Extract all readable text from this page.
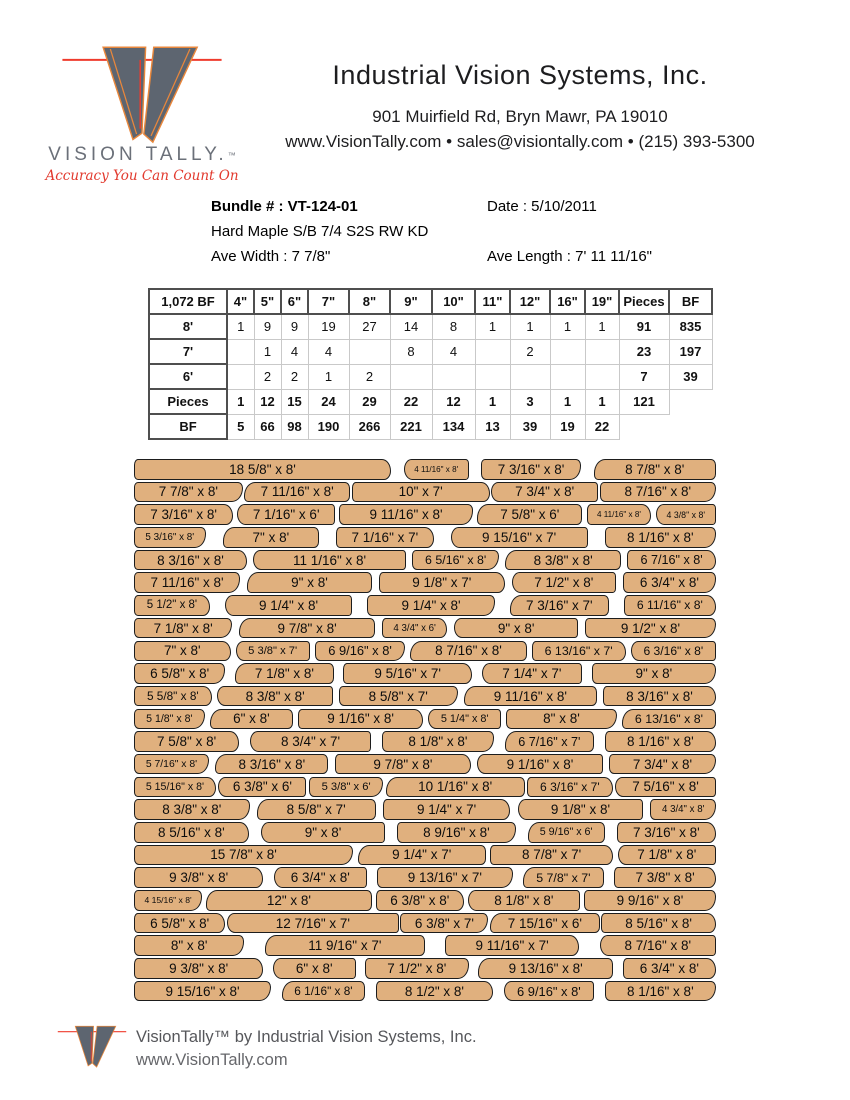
VISION TALLY.™
Accuracy You Can Count On
Industrial Vision Systems, Inc.
901 Muirfield Rd, Bryn Mawr, PA 19010
www.VisionTally.com • sales@visiontally.com • (215) 393-5300
Bundle # : VT-124-01	Date : 5/10/2011
Hard Maple S/B 7/4 S2S RW KD
Ave Width : 7 7/8"	Ave Length : 7' 11 11/16"
1,072 BF	4"	5"	6"	7"	8"	9"	10"	11"	12"	16"	19"	Pieces	BF
8'	1	9	9	19	27	14	8	1	1	1	1	91	835
7'		1	4	4		8	4		2			23	197
6'		2	2	1	2							7	39
Pieces	1	12	15	24	29	22	12	1	3	1	1	121	
BF	5	66	98	190	266	221	134	13	39	19	22		
18 5/8" x 8'	4 11/16" x 8'	7 3/16" x 8'	8 7/8" x 8'
7 7/8" x 8'	7 11/16" x 8'	10" x 7'	7 3/4" x 8'	8 7/16" x 8'
7 3/16" x 8'	7 1/16" x 6'	9 11/16" x 8'	7 5/8" x 6'	4 11/16" x 8'	4 3/8" x 8'
5 3/16" x 8'	7" x 8'	7 1/16" x 7'	9 15/16" x 7'	8 1/16" x 8'
8 3/16" x 8'	11 1/16" x 8'	6 5/16" x 8'	8 3/8" x 8'	6 7/16" x 8'
7 11/16" x 8'	9" x 8'	9 1/8" x 7'	7 1/2" x 8'	6 3/4" x 8'
5 1/2" x 8'	9 1/4" x 8'	9 1/4" x 8'	7 3/16" x 7'	6 11/16" x 8'
7 1/8" x 8'	9 7/8" x 8'	4 3/4" x 6'	9" x 8'	9 1/2" x 8'
7" x 8'	5 3/8" x 7'	6 9/16" x 8'	8 7/16" x 8'	6 13/16" x 7'	6 3/16" x 8'
6 5/8" x 8'	7 1/8" x 8'	9 5/16" x 7'	7 1/4" x 7'	9" x 8'
5 5/8" x 8'	8 3/8" x 8'	8 5/8" x 7'	9 11/16" x 8'	8 3/16" x 8'
5 1/8" x 8'	6" x 8'	9 1/16" x 8'	5 1/4" x 8'	8" x 8'	6 13/16" x 8'
7 5/8" x 8'	8 3/4" x 7'	8 1/8" x 8'	6 7/16" x 7'	8 1/16" x 8'
5 7/16" x 8'	8 3/16" x 8'	9 7/8" x 8'	9 1/16" x 8'	7 3/4" x 8'
5 15/16" x 8'	6 3/8" x 6'	5 3/8" x 6'	10 1/16" x 8'	6 3/16" x 7'	7 5/16" x 8'
8 3/8" x 8'	8 5/8" x 7'	9 1/4" x 7'	9 1/8" x 8'	4 3/4" x 8'
8 5/16" x 8'	9" x 8'	8 9/16" x 8'	5 9/16" x 6'	7 3/16" x 8'
15 7/8" x 8'	9 1/4" x 7'	8 7/8" x 7'	7 1/8" x 8'
9 3/8" x 8'	6 3/4" x 8'	9 13/16" x 7'	5 7/8" x 7'	7 3/8" x 8'
4 15/16" x 8'	12" x 8'	6 3/8" x 8'	8 1/8" x 8'	9 9/16" x 8'
6 5/8" x 8'	12 7/16" x 7'	6 3/8" x 7'	7 15/16" x 6'	8 5/16" x 8'
8" x 8'	11 9/16" x 7'	9 11/16" x 7'	8 7/16" x 8'
9 3/8" x 8'	6" x 8'	7 1/2" x 8'	9 13/16" x 8'	6 3/4" x 8'
9 15/16" x 8'	6 1/16" x 8'	8 1/2" x 8'	6 9/16" x 8'	8 1/16" x 8'
VisionTally™ by Industrial Vision Systems, Inc.
www.VisionTally.com
